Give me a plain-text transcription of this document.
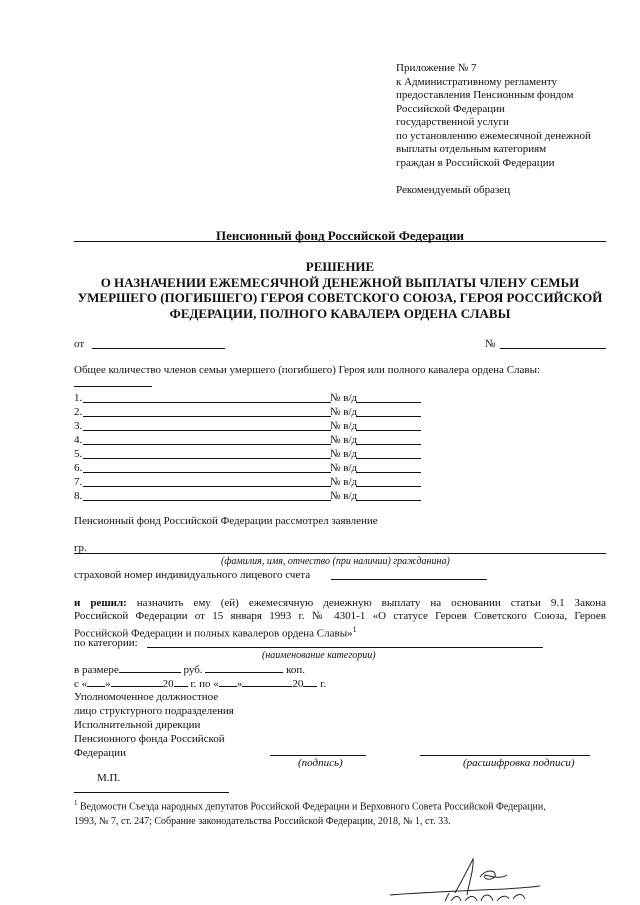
Приложение № 7
к Административному регламенту
предоставления Пенсионным фондом
Российской Федерации
государственной услуги
по установлению ежемесячной денежной
выплаты отдельным категориям
граждан в Российской Федерации
Рекомендуемый образец
Пенсионный фонд Российской Федерации
РЕШЕНИЕ
О НАЗНАЧЕНИИ ЕЖЕМЕСЯЧНОЙ ДЕНЕЖНОЙ ВЫПЛАТЫ ЧЛЕНУ СЕМЬИ
УМЕРШЕГО (ПОГИБШЕГО) ГЕРОЯ СОВЕТСКОГО СОЮЗА, ГЕРОЯ РОССИЙСКОЙ
ФЕДЕРАЦИИ, ПОЛНОГО КАВАЛЕРА ОРДЕНА СЛАВЫ
от	№
Общее количество членов семьи умершего (погибшего) Героя или полного кавалера ордена Славы:
1.	№ в/д
2.	№ в/д
3.	№ в/д
4.	№ в/д
5.	№ в/д
6.	№ в/д
7.	№ в/д
8.	№ в/д
Пенсионный фонд Российской Федерации рассмотрел заявление
гр.
(фамилия, имя, отчество (при наличии) гражданина)
страховой номер индивидуального лицевого счета
и решил: назначить ему (ей) ежемесячную денежную выплату на основании статьи 9.1 Закона
Российской Федерации от 15 января 1993 г. № 4301-1 «О статусе Героев Советского Союза, Героев
Российской Федерации и полных кавалеров ордена Славы»$^1$
по категории:
(наименование категории)
в размере	руб.	коп.
с « »	20 г. по « »	20 г.
Уполномоченное должностное
лицо структурного подразделения
Исполнительной дирекции
Пенсионного фонда Российской
Федерации
(подпись)	(расшифровка подписи)
М.П.
$^1$ Ведомости Съезда народных депутатов Российской Федерации и Верховного Совета Российской Федерации,
1993, № 7, ст. 247; Собрание законодательства Российской Федерации, 2018, № 1, ст. 33.
